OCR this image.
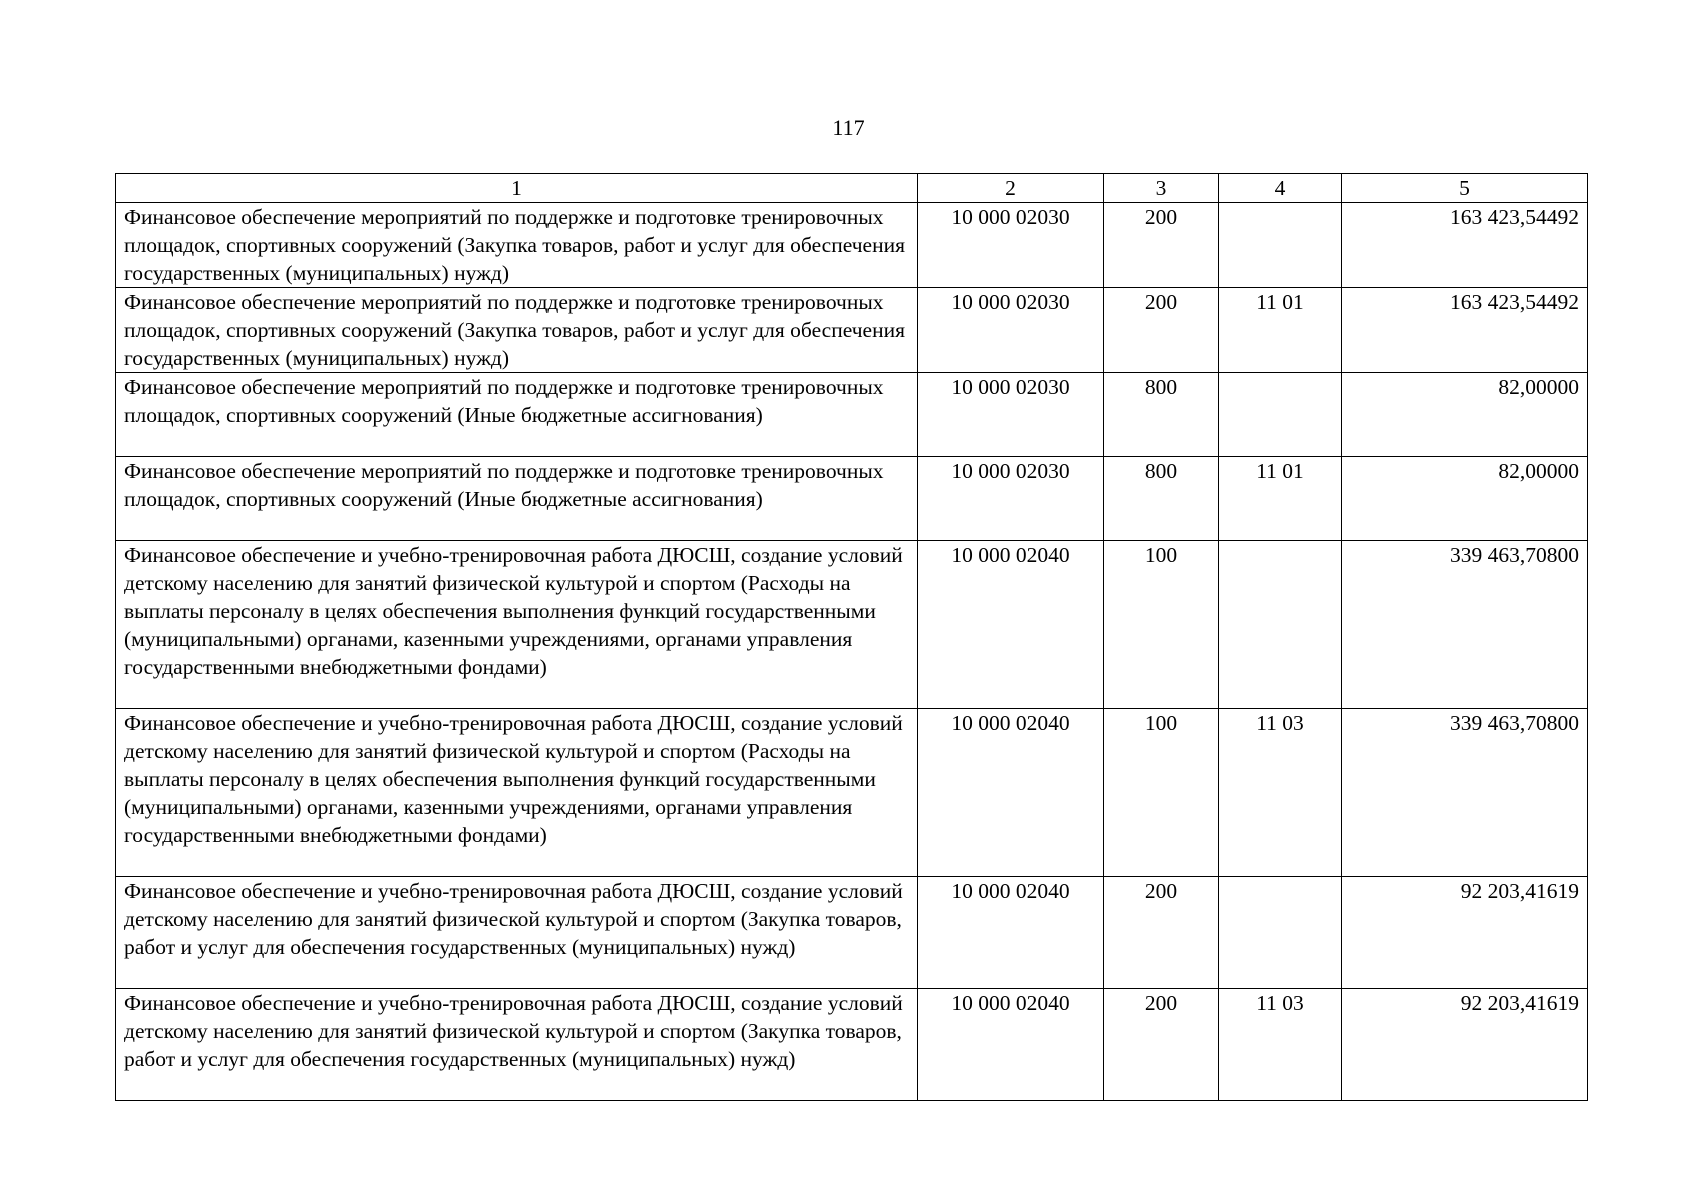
117
1	2	3	4	5
Финансовое обеспечение мероприятий по поддержке и подготовке тренировочных площадок, спортивных сооружений (Закупка товаров, работ и услуг для обеспечения государственных (муниципальных) нужд)	10 000 02030	200		163 423,54492
Финансовое обеспечение мероприятий по поддержке и подготовке тренировочных площадок, спортивных сооружений (Закупка товаров, работ и услуг для обеспечения государственных (муниципальных) нужд)	10 000 02030	200	11 01	163 423,54492
Финансовое обеспечение мероприятий по поддержке и подготовке тренировочных площадок, спортивных сооружений (Иные бюджетные ассигнования)	10 000 02030	800		82,00000
Финансовое обеспечение мероприятий по поддержке и подготовке тренировочных площадок, спортивных сооружений (Иные бюджетные ассигнования)	10 000 02030	800	11 01	82,00000
Финансовое обеспечение и учебно-тренировочная работа ДЮСШ, создание условий детскому населению для занятий физической культурой и спортом (Расходы на выплаты персоналу в целях обеспечения выполнения функций государственными (муниципальными) органами, казенными учреждениями, органами управления государственными внебюджетными фондами)	10 000 02040	100		339 463,70800
Финансовое обеспечение и учебно-тренировочная работа ДЮСШ, создание условий детскому населению для занятий физической культурой и спортом (Расходы на выплаты персоналу в целях обеспечения выполнения функций государственными (муниципальными) органами, казенными учреждениями, органами управления государственными внебюджетными фондами)	10 000 02040	100	11 03	339 463,70800
Финансовое обеспечение и учебно-тренировочная работа ДЮСШ, создание условий детскому населению для занятий физической культурой и спортом (Закупка товаров, работ и услуг для обеспечения государственных (муниципальных) нужд)	10 000 02040	200		92 203,41619
Финансовое обеспечение и учебно-тренировочная работа ДЮСШ, создание условий детскому населению для занятий физической культурой и спортом (Закупка товаров, работ и услуг для обеспечения государственных (муниципальных) нужд)	10 000 02040	200	11 03	92 203,41619
